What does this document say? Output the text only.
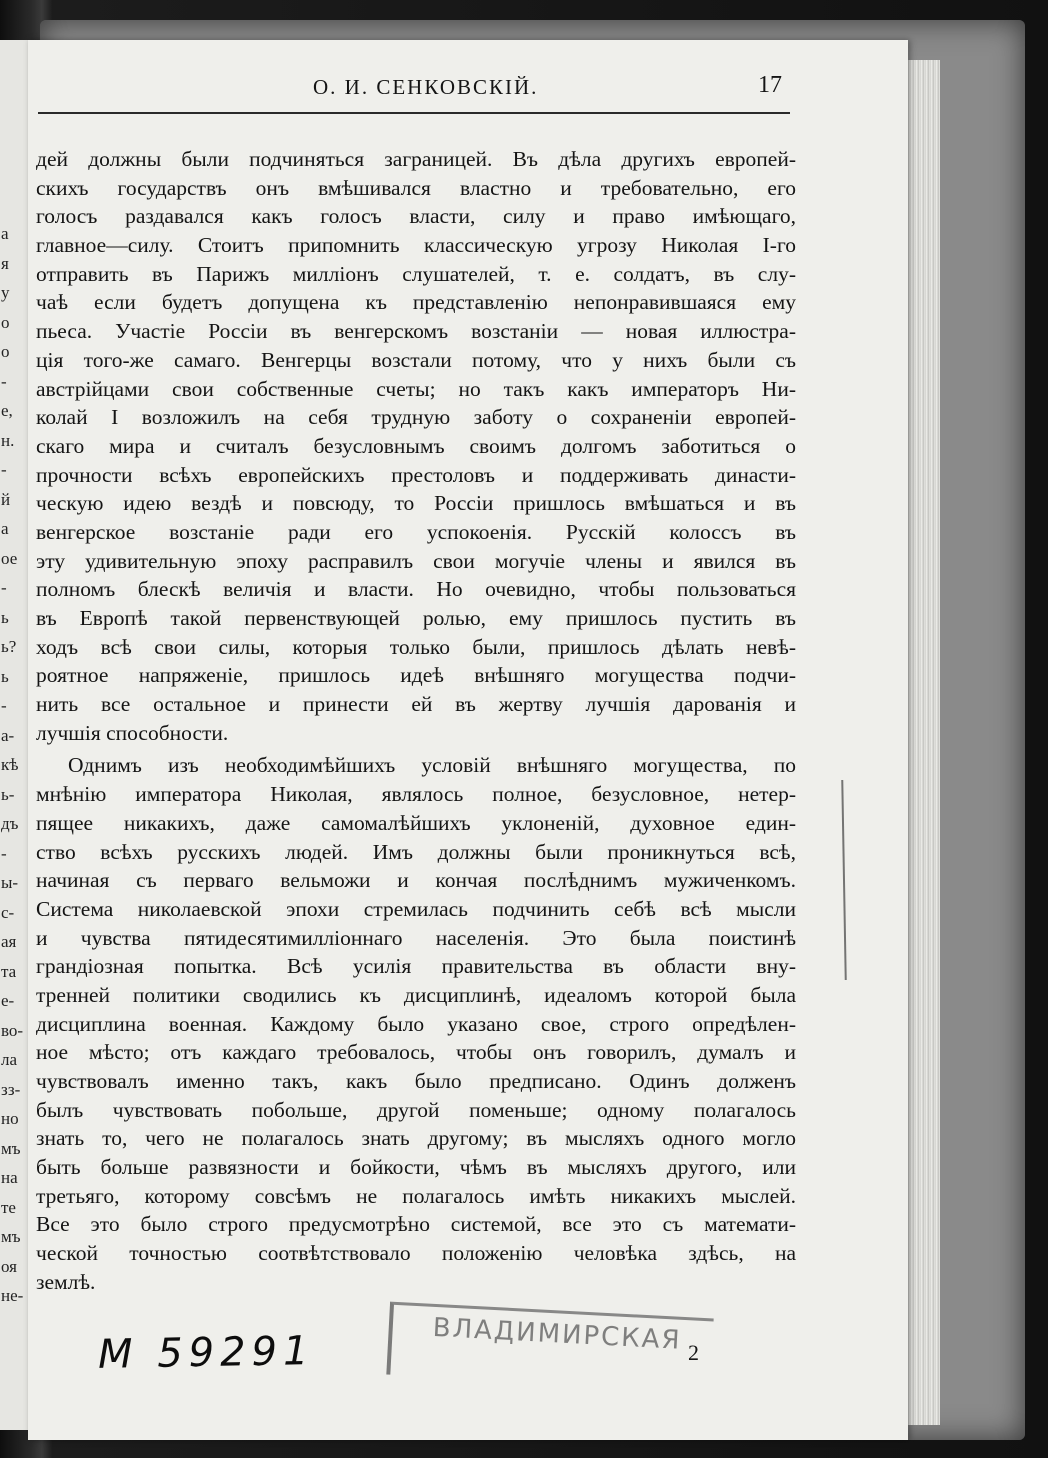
а
я
у
о
о
-
е,
н.
-
й
а
ое
-
ь
ь?
ь
-
а-
кѣ
ь-
дъ
-
ы-
с-
ая
та
е-
во-
ла
зз-
но
мъ
на
те
мъ
оя
не-
О. И. СЕНКОВСКІЙ.	17
дей должны были подчиняться заграницей. Въ дѣла другихъ европей-
скихъ государствъ онъ вмѣшивался властно и требовательно, его
голосъ раздавался какъ голосъ власти, силу и право имѣющаго,
главное—силу. Стоитъ припомнить классическую угрозу Николая І-го
отправить въ Парижъ милліонъ слушателей, т. е. солдатъ, въ слу-
чаѣ если будетъ допущена къ представленію непонравившаяся ему
пьеса. Участіе Россіи въ венгерскомъ возстаніи — новая иллюстра-
ція того-же самаго. Венгерцы возстали потому, что у нихъ были съ
австрійцами свои собственные счеты; но такъ какъ императоръ Ни-
колай І возложилъ на себя трудную заботу о сохраненіи европей-
скаго мира и считалъ безусловнымъ своимъ долгомъ заботиться о
прочности всѣхъ европейскихъ престоловъ и поддерживать династи-
ческую идею вездѣ и повсюду, то Россіи пришлось вмѣшаться и въ
венгерское возстаніе ради его успокоенія. Русскій колоссъ въ
эту удивительную эпоху расправилъ свои могучіе члены и явился въ
полномъ блескѣ величія и власти. Но очевидно, чтобы пользоваться
въ Европѣ такой первенствующей ролью, ему пришлось пустить въ
ходъ всѣ свои силы, которыя только были, пришлось дѣлать невѣ-
роятное напряженіе, пришлось идеѣ внѣшняго могущества подчи-
нить все остальное и принести ей въ жертву лучшія дарованія и
лучшія способности.
Однимъ изъ необходимѣйшихъ условій внѣшняго могущества, по
мнѣнію императора Николая, являлось полное, безусловное, нетер-
пящее никакихъ, даже самомалѣйшихъ уклоненій, духовное един-
ство всѣхъ русскихъ людей. Имъ должны были проникнуться всѣ,
начиная съ перваго вельможи и кончая послѣднимъ мужиченкомъ.
Система николаевской эпохи стремилась подчинить себѣ всѣ мысли
и чувства пятидесятимилліоннаго населенія. Это была поистинѣ
грандіозная попытка. Всѣ усилія правительства въ области вну-
тренней политики сводились къ дисциплинѣ, идеаломъ которой была
дисциплина военная. Каждому было указано свое, строго опредѣлен-
ное мѣсто; отъ каждаго требовалось, чтобы онъ говорилъ, думалъ и
чувствовалъ именно такъ, какъ было предписано. Одинъ долженъ
былъ чувствовать побольше, другой поменьше; одному полагалось
знать то, чего не полагалось знать другому; въ мысляхъ одного могло
быть больше развязности и бойкости, чѣмъ въ мысляхъ другого, или
третьяго, которому совсѣмъ не полагалось имѣть никакихъ мыслей.
Все это было строго предусмотрѣно системой, все это съ математи-
ческой точностью соотвѣтствовало положенію человѣка здѣсь, на
землѣ.
М 59291	ВЛАДИМИРСКАЯ 2
